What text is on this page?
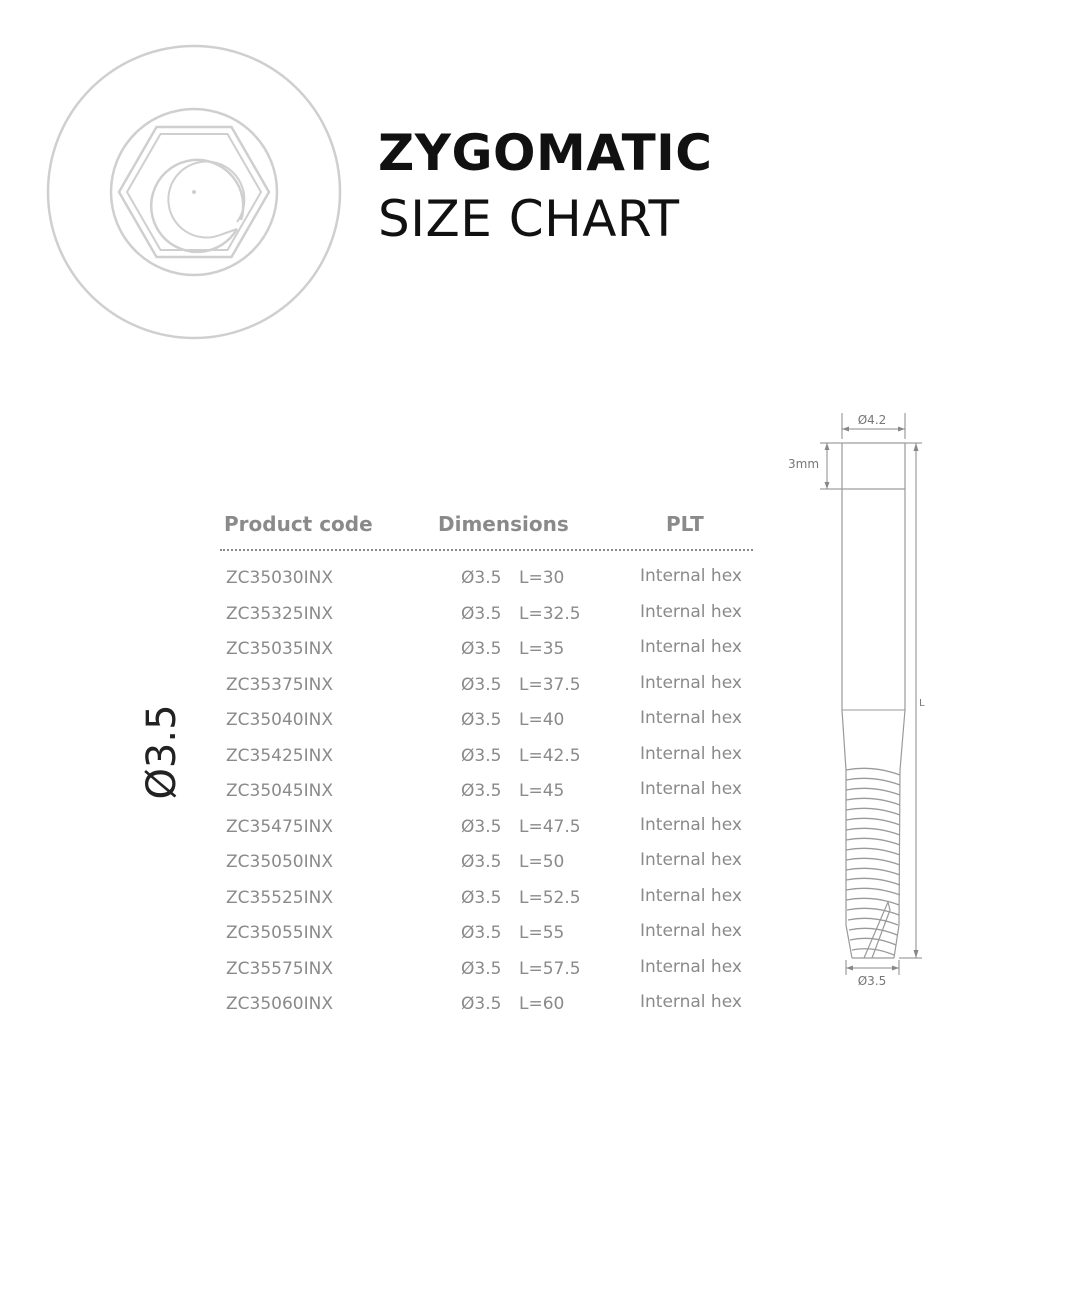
ZYGOMATIC
SIZE CHART
Ø3.5
Product code	Dimensions	PLT
ZC35030INX	Ø3.5 L=30	Internal hex
ZC35325INX	Ø3.5 L=32.5	Internal hex
ZC35035INX	Ø3.5 L=35	Internal hex
ZC35375INX	Ø3.5 L=37.5	Internal hex
ZC35040INX	Ø3.5 L=40	Internal hex
ZC35425INX	Ø3.5 L=42.5	Internal hex
ZC35045INX	Ø3.5 L=45	Internal hex
ZC35475INX	Ø3.5 L=47.5	Internal hex
ZC35050INX	Ø3.5 L=50	Internal hex
ZC35525INX	Ø3.5 L=52.5	Internal hex
ZC35055INX	Ø3.5 L=55	Internal hex
ZC35575INX	Ø3.5 L=57.5	Internal hex
ZC35060INX	Ø3.5 L=60	Internal hex
Ø4.2
3mm
L
Ø3.5
